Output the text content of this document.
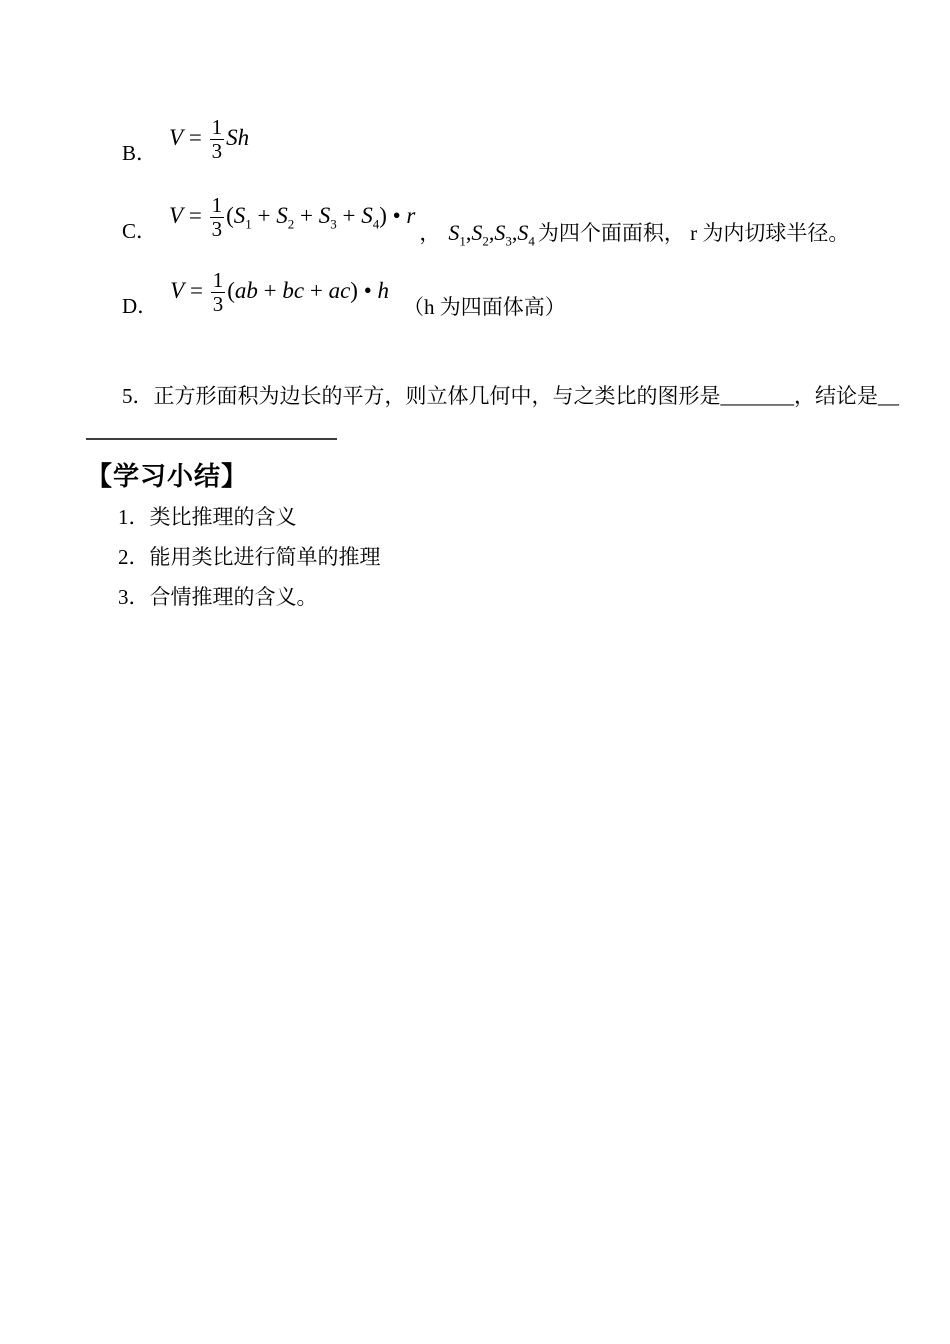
B．
$V = \frac{1}{3}$ Sh
C．
$V = \frac{1}{3} (S_1 + S_2 + S_3 + S_4)$ • r
， $S_1,S_2,S_3,S_4$ 为四个面面积， r 为内切球半径。
D．
$V = \frac{1}{3} (ab$ + bc + ac) • h
（h 为四面体高）
5．正方形面积为边长的平方，则立体几何中，与之类比的图形是_______，结论是__
【学习小结】
1．类比推理的含义
2．能用类比进行简单的推理
3．合情推理的含义。
